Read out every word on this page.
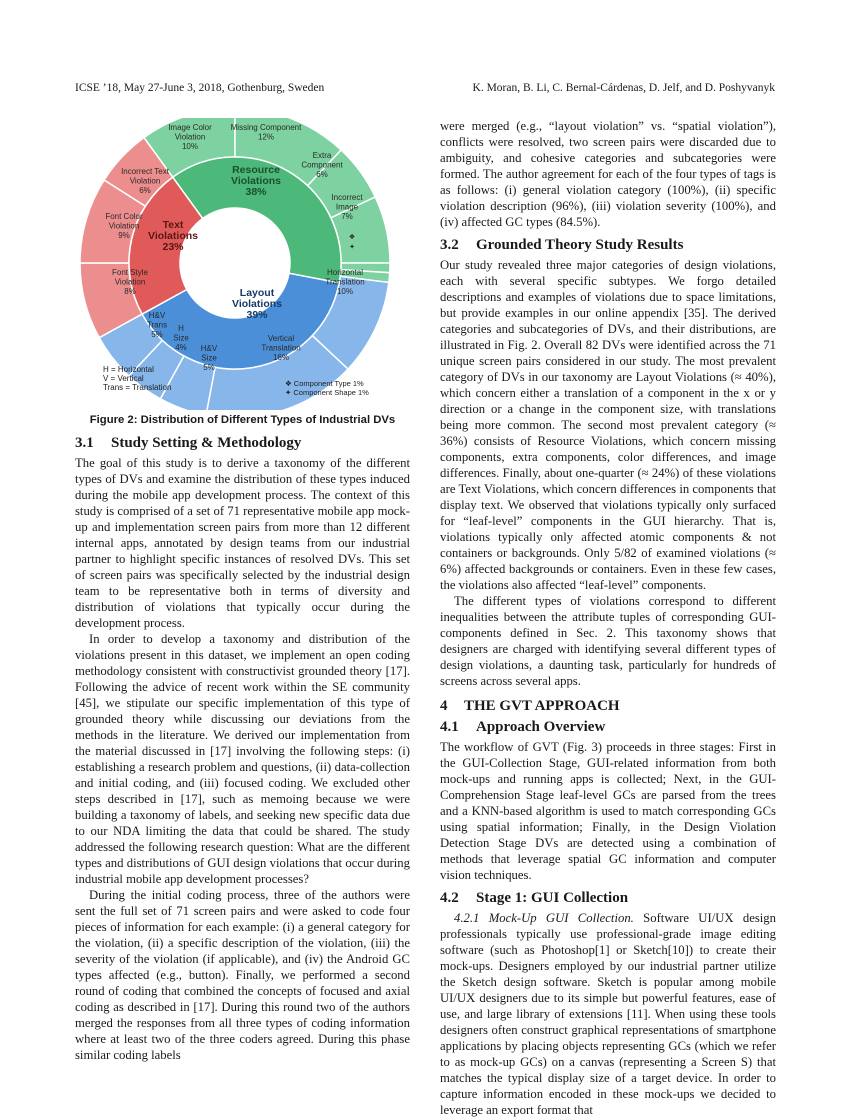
ICSE ’18, May 27-June 3, 2018, Gothenburg, Sweden	K. Moran, B. Li, C. Bernal-Cárdenas, D. Jelf, and D. Poshyvanyk
Resource Violations 38%
Layout Violations 39%
Text Violations 23%
Image Color Violation 10%
Missing Component 12%
Extra Component 6%
Incorrect Image 7%
Horizontal Translation 10%
Vertical Translation 16%
H&V Size 5%
H Size 4%
H&V Trans 5%
Font Style Violation 8%
Font Color Violation 9%
Incorrect Text Violation 6%
❖
✦
H = Horizontal
V = Vertical
Trans = Translation	❖ Component Type 1%
✦ Component Shape 1%
Figure 2: Distribution of Different Types of Industrial DVs
3.1 Study Setting & Methodology

The goal of this study is to derive a taxonomy of the different types of DVs and examine the distribution of these types induced during the mobile app development process. The context of this study is comprised of a set of 71 representative mobile app mock-up and implementation screen pairs from more than 12 different internal apps, annotated by design teams from our industrial partner to highlight specific instances of resolved DVs. This set of screen pairs was specifically selected by the industrial design team to be representative both in terms of diversity and distribution of violations that typically occur during the development process.

In order to develop a taxonomy and distribution of the violations present in this dataset, we implement an open coding methodology consistent with constructivist grounded theory [17]. Following the advice of recent work within the SE community [45], we stipulate our specific implementation of this type of grounded theory while discussing our deviations from the methods in the literature. We derived our implementation from the material discussed in [17] involving the following steps: (i) establishing a research problem and questions, (ii) data-collection and initial coding, and (iii) focused coding. We excluded other steps described in [17], such as memoing because we were building a taxonomy of labels, and seeking new specific data due to our NDA limiting the data that could be shared. The study addressed the following research question: What are the different types and distributions of GUI design violations that occur during industrial mobile app development processes?

During the initial coding process, three of the authors were sent the full set of 71 screen pairs and were asked to code four pieces of information for each example: (i) a general category for the violation, (ii) a specific description of the violation, (iii) the severity of the violation (if applicable), and (iv) the Android GC types affected (e.g., button). Finally, we performed a second round of coding that combined the concepts of focused and axial coding as described in [17]. During this round two of the authors merged the responses from all three types of coding information where at least two of the three coders agreed. During this phase similar coding labels

were merged (e.g., “layout violation” vs. “spatial violation”), conflicts were resolved, two screen pairs were discarded due to ambiguity, and cohesive categories and subcategories were formed. The author agreement for each of the four types of tags is as follows: (i) general violation category (100%), (ii) specific violation description (96%), (iii) violation severity (100%), and (iv) affected GC types (84.5%).

3.2 Grounded Theory Study Results

Our study revealed three major categories of design violations, each with several specific subtypes. We forgo detailed descriptions and examples of violations due to space limitations, but provide examples in our online appendix [35]. The derived categories and subcategories of DVs, and their distributions, are illustrated in Fig. 2. Overall 82 DVs were identified across the 71 unique screen pairs considered in our study. The most prevalent category of DVs in our taxonomy are Layout Violations (≈ 40%), which concern either a translation of a component in the x or y direction or a change in the component size, with translations being more common. The second most prevalent category (≈ 36%) consists of Resource Violations, which concern missing components, extra components, color differences, and image differences. Finally, about one-quarter (≈ 24%) of these violations are Text Violations, which concern differences in components that display text. We observed that violations typically only surfaced for “leaf-level” components in the GUI hierarchy. That is, violations typically only affected atomic components & not containers or backgrounds. Only 5/82 of examined violations (≈ 6%) affected backgrounds or containers. Even in these few cases, the violations also affected “leaf-level” components.

The different types of violations correspond to different inequalities between the attribute tuples of corresponding GUI-components defined in Sec. 2. This taxonomy shows that designers are charged with identifying several different types of design violations, a daunting task, particularly for hundreds of screens across several apps.

4 THE GVT APPROACH
4.1 Approach Overview

The workflow of GVT (Fig. 3) proceeds in three stages: First in the GUI-Collection Stage, GUI-related information from both mock-ups and running apps is collected; Next, in the GUI-Comprehension Stage leaf-level GCs are parsed from the trees and a KNN-based algorithm is used to match corresponding GCs using spatial information; Finally, in the Design Violation Detection Stage DVs are detected using a combination of methods that leverage spatial GC information and computer vision techniques.

4.2 Stage 1: GUI Collection

4.2.1 Mock-Up GUI Collection. Software UI/UX design professionals typically use professional-grade image editing software (such as Photoshop[1] or Sketch[10]) to create their mock-ups. Designers employed by our industrial partner utilize the Sketch design software. Sketch is popular among mobile UI/UX designers due to its simple but powerful features, ease of use, and large library of extensions [11]. When using these tools designers often construct graphical representations of smartphone applications by placing objects representing GCs (which we refer to as mock-up GCs) on a canvas (representing a Screen S) that matches the typical display size of a target device. In order to capture information encoded in these mock-ups we decided to leverage an export format that
